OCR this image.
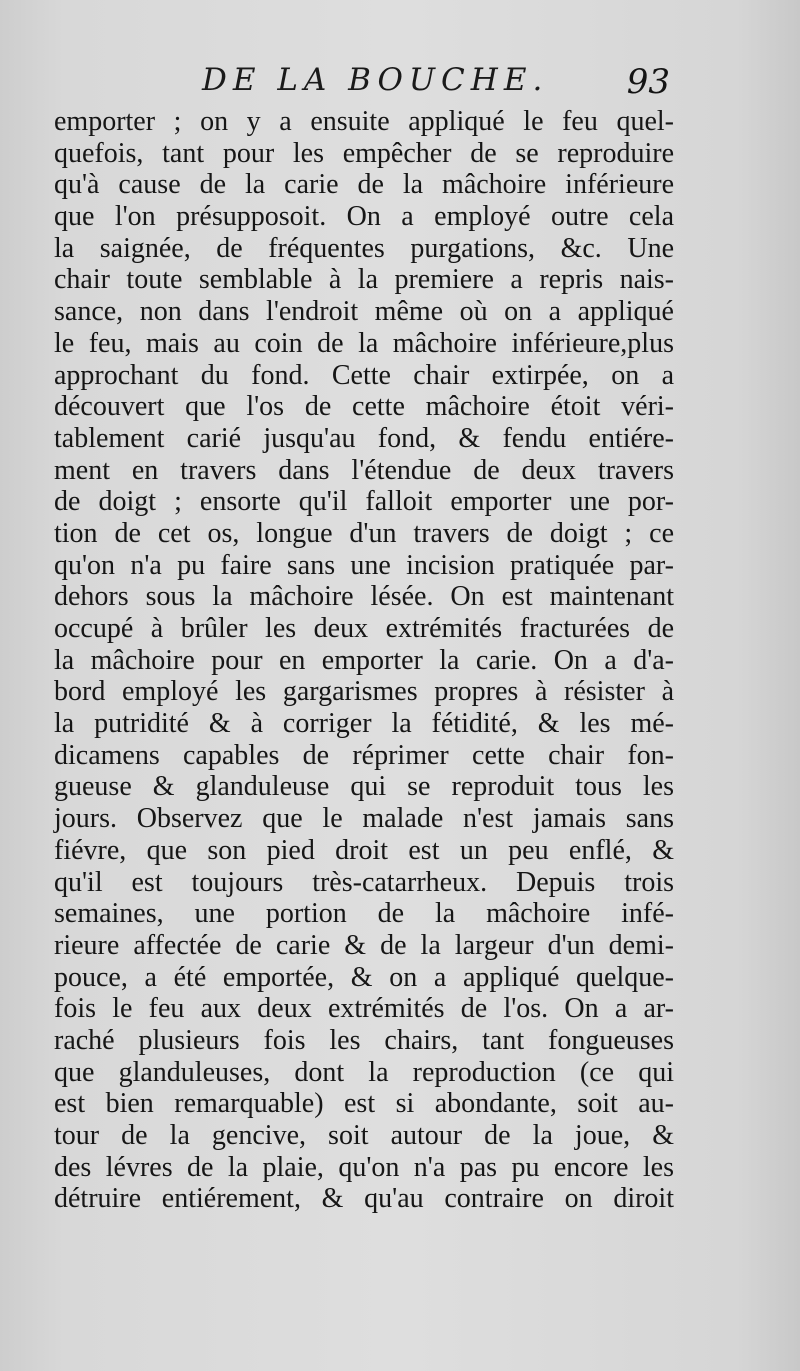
DE LA BOUCHE. 93
emporter ; on y a ensuite appliqué le feu quel-
quefois, tant pour les empêcher de se reproduire
qu'à cause de la carie de la mâchoire inférieure
que l'on présupposoit. On a employé outre cela
la saignée, de fréquentes purgations, &c. Une
chair toute semblable à la premiere a repris nais-
sance, non dans l'endroit même où on a appliqué
le feu, mais au coin de la mâchoire inférieure,plus
approchant du fond. Cette chair extirpée, on a
découvert que l'os de cette mâchoire étoit véri-
tablement carié jusqu'au fond, & fendu entiére-
ment en travers dans l'étendue de deux travers
de doigt ; ensorte qu'il falloit emporter une por-
tion de cet os, longue d'un travers de doigt ; ce
qu'on n'a pu faire sans une incision pratiquée par-
dehors sous la mâchoire lésée. On est maintenant
occupé à brûler les deux extrémités fracturées de
la mâchoire pour en emporter la carie. On a d'a-
bord employé les gargarismes propres à résister à
la putridité & à corriger la fétidité, & les mé-
dicamens capables de réprimer cette chair fon-
gueuse & glanduleuse qui se reproduit tous les
jours. Observez que le malade n'est jamais sans
fiévre, que son pied droit est un peu enflé, &
qu'il est toujours très-catarrheux. Depuis trois
semaines, une portion de la mâchoire infé-
rieure affectée de carie & de la largeur d'un demi-
pouce, a été emportée, & on a appliqué quelque-
fois le feu aux deux extrémités de l'os. On a ar-
raché plusieurs fois les chairs, tant fongueuses
que glanduleuses, dont la reproduction (ce qui
est bien remarquable) est si abondante, soit au-
tour de la gencive, soit autour de la joue, &
des lévres de la plaie, qu'on n'a pas pu encore les
détruire entiérement, & qu'au contraire on diroit
